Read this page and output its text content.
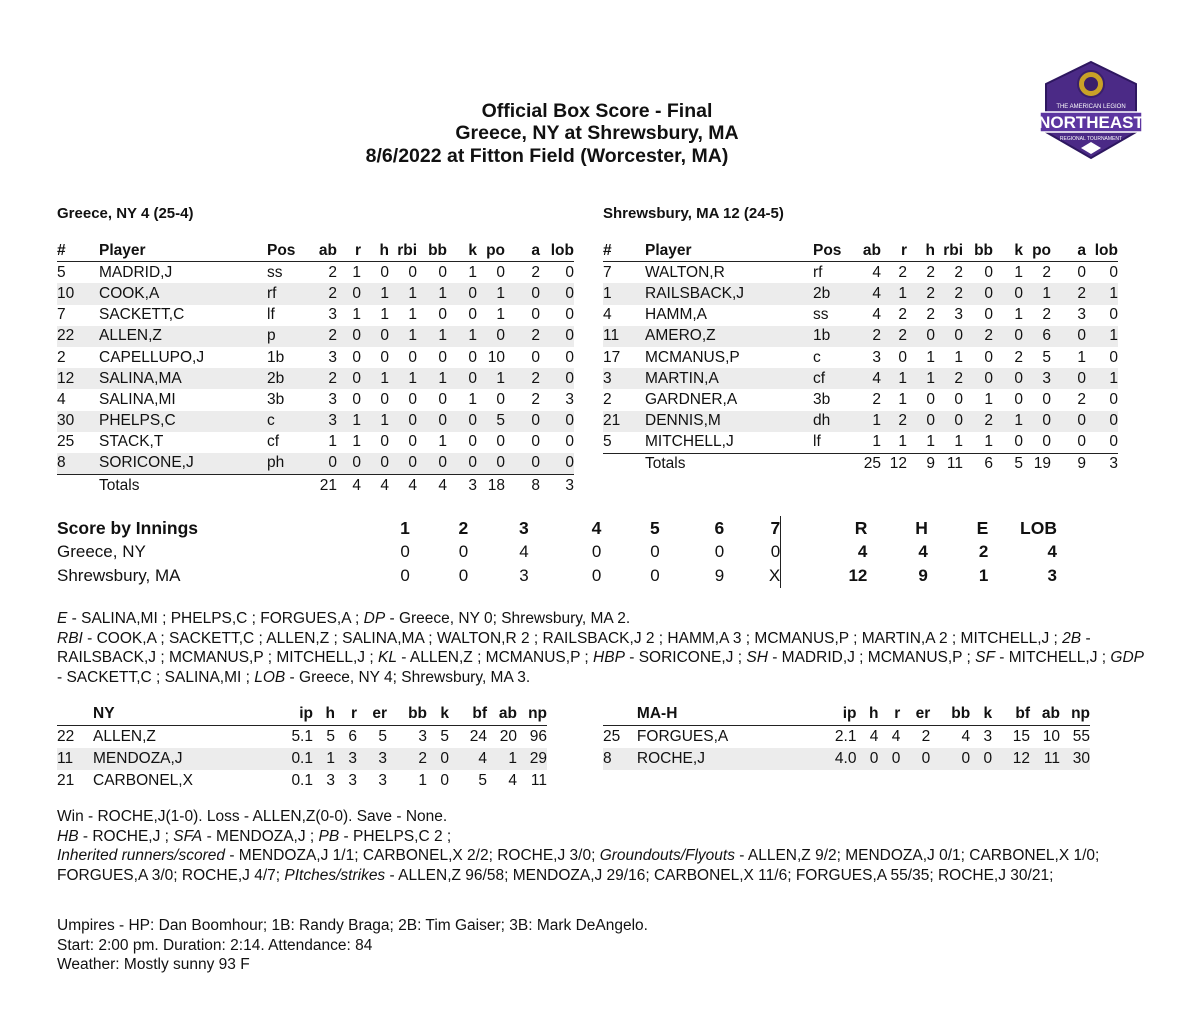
Official Box Score - Final
Greece, NY at Shrewsbury, MA
8/6/2022 at Fitton Field (Worcester, MA)
THE AMERICAN LEGION
NORTHEAST
REGIONAL TOURNAMENT
Greece, NY 4 (25-4)	Shrewsbury, MA 12 (24-5)
#	Player	Pos	ab	r	h	rbi	bb	k	po	a	lob
5	MADRID,J	ss	2	1	0	0	0	1	0	2	0
10	COOK,A	rf	2	0	1	1	1	0	1	0	0
7	SACKETT,C	lf	3	1	1	1	0	0	1	0	0
22	ALLEN,Z	p	2	0	0	1	1	1	0	2	0
2	CAPELLUPO,J	1b	3	0	0	0	0	0	10	0	0
12	SALINA,MA	2b	2	0	1	1	1	0	1	2	0
4	SALINA,MI	3b	3	0	0	0	0	1	0	2	3
30	PHELPS,C	c	3	1	1	0	0	0	5	0	0
25	STACK,T	cf	1	1	0	0	1	0	0	0	0
8	SORICONE,J	ph	0	0	0	0	0	0	0	0	0
	Totals		21	4	4	4	4	3	18	8	3
#	Player	Pos	ab	r	h	rbi	bb	k	po	a	lob
7	WALTON,R	rf	4	2	2	2	0	1	2	0	0
1	RAILSBACK,J	2b	4	1	2	2	0	0	1	2	1
4	HAMM,A	ss	4	2	2	3	0	1	2	3	0
11	AMERO,Z	1b	2	2	0	0	2	0	6	0	1
17	MCMANUS,P	c	3	0	1	1	0	2	5	1	0
3	MARTIN,A	cf	4	1	1	2	0	0	3	0	1
2	GARDNER,A	3b	2	1	0	0	1	0	0	2	0
21	DENNIS,M	dh	1	2	0	0	2	1	0	0	0
5	MITCHELL,J	lf	1	1	1	1	1	0	0	0	0
	Totals		25	12	9	11	6	5	19	9	3
Score by Innings	1	2	3	4	5	6	7	R	H	E	LOB
Greece, NY	0	0	4	0	0	0	0	4	4	2	4
Shrewsbury, MA	0	0	3	0	0	9	X	12	9	1	3
E - SALINA,MI ; PHELPS,C ; FORGUES,A ; DP - Greece, NY 0; Shrewsbury, MA 2.
RBI - COOK,A ; SACKETT,C ; ALLEN,Z ; SALINA,MA ; WALTON,R 2 ; RAILSBACK,J 2 ; HAMM,A 3 ; MCMANUS,P ; MARTIN,A 2 ; MITCHELL,J ; 2B - RAILSBACK,J ; MCMANUS,P ; MITCHELL,J ; KL - ALLEN,Z ; MCMANUS,P ; HBP - SORICONE,J ; SH - MADRID,J ; MCMANUS,P ; SF - MITCHELL,J ; GDP - SACKETT,C ; SALINA,MI ; LOB - Greece, NY 4; Shrewsbury, MA 3.
	NY	ip	h	r	er	bb	k	bf	ab	np
22	ALLEN,Z	5.1	5	6	5	3	5	24	20	96
11	MENDOZA,J	0.1	1	3	3	2	0	4	1	29
21	CARBONEL,X	0.1	3	3	3	1	0	5	4	11
	MA-H	ip	h	r	er	bb	k	bf	ab	np
25	FORGUES,A	2.1	4	4	2	4	3	15	10	55
8	ROCHE,J	4.0	0	0	0	0	0	12	11	30
Win - ROCHE,J(1-0). Loss - ALLEN,Z(0-0). Save - None.
HB - ROCHE,J ; SFA - MENDOZA,J ; PB - PHELPS,C 2 ;
Inherited runners/scored - MENDOZA,J 1/1; CARBONEL,X 2/2; ROCHE,J 3/0; Groundouts/Flyouts - ALLEN,Z 9/2; MENDOZA,J 0/1; CARBONEL,X 1/0; FORGUES,A 3/0; ROCHE,J 4/7; PItches/strikes - ALLEN,Z 96/58; MENDOZA,J 29/16; CARBONEL,X 11/6; FORGUES,A 55/35; ROCHE,J 30/21;
Umpires - HP: Dan Boomhour; 1B: Randy Braga; 2B: Tim Gaiser; 3B: Mark DeAngelo.
Start: 2:00 pm. Duration: 2:14. Attendance: 84
Weather: Mostly sunny 93 F
